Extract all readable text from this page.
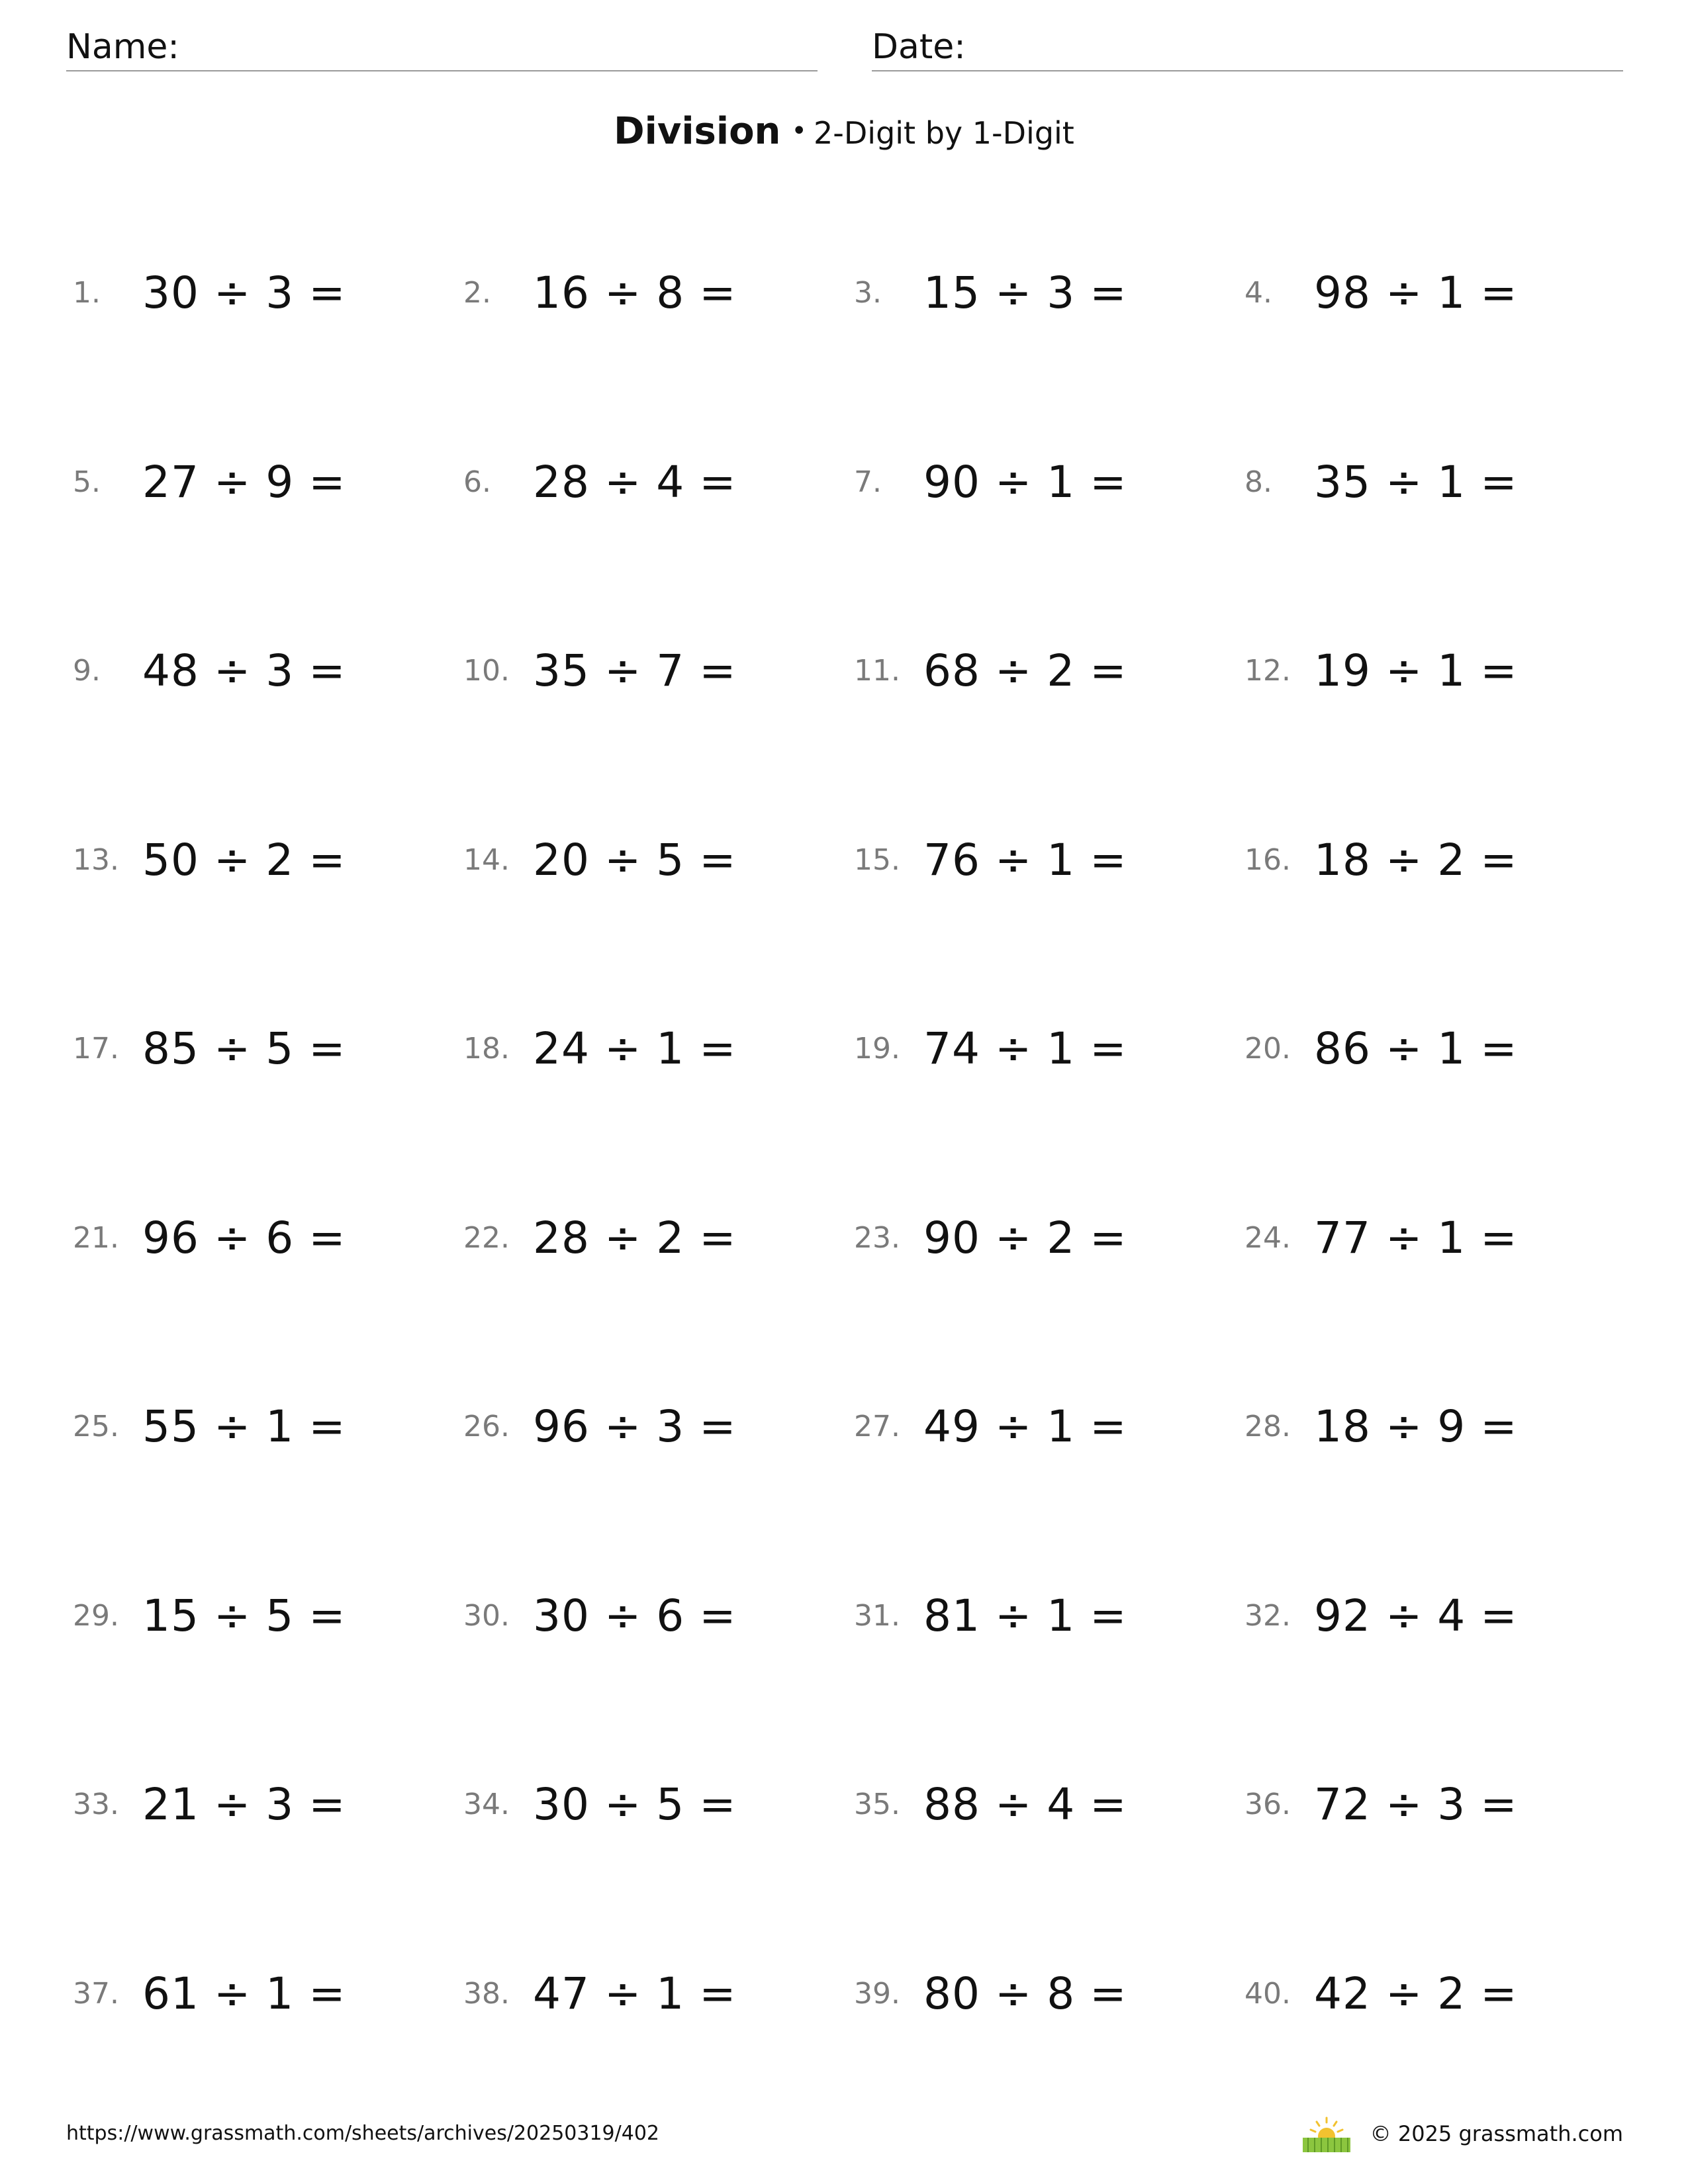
Name:	Date:
Division • 2-Digit by 1-Digit
1. 30 ÷ 3 =	2. 16 ÷ 8 =	3. 15 ÷ 3 =	4. 98 ÷ 1 =
5. 27 ÷ 9 =	6. 28 ÷ 4 =	7. 90 ÷ 1 =	8. 35 ÷ 1 =
9. 48 ÷ 3 =	10. 35 ÷ 7 =	11. 68 ÷ 2 =	12. 19 ÷ 1 =
13. 50 ÷ 2 =	14. 20 ÷ 5 =	15. 76 ÷ 1 =	16. 18 ÷ 2 =
17. 85 ÷ 5 =	18. 24 ÷ 1 =	19. 74 ÷ 1 =	20. 86 ÷ 1 =
21. 96 ÷ 6 =	22. 28 ÷ 2 =	23. 90 ÷ 2 =	24. 77 ÷ 1 =
25. 55 ÷ 1 =	26. 96 ÷ 3 =	27. 49 ÷ 1 =	28. 18 ÷ 9 =
29. 15 ÷ 5 =	30. 30 ÷ 6 =	31. 81 ÷ 1 =	32. 92 ÷ 4 =
33. 21 ÷ 3 =	34. 30 ÷ 5 =	35. 88 ÷ 4 =	36. 72 ÷ 3 =
37. 61 ÷ 1 =	38. 47 ÷ 1 =	39. 80 ÷ 8 =	40. 42 ÷ 2 =
https://www.grassmath.com/sheets/archives/20250319/402	© 2025 grassmath.com
